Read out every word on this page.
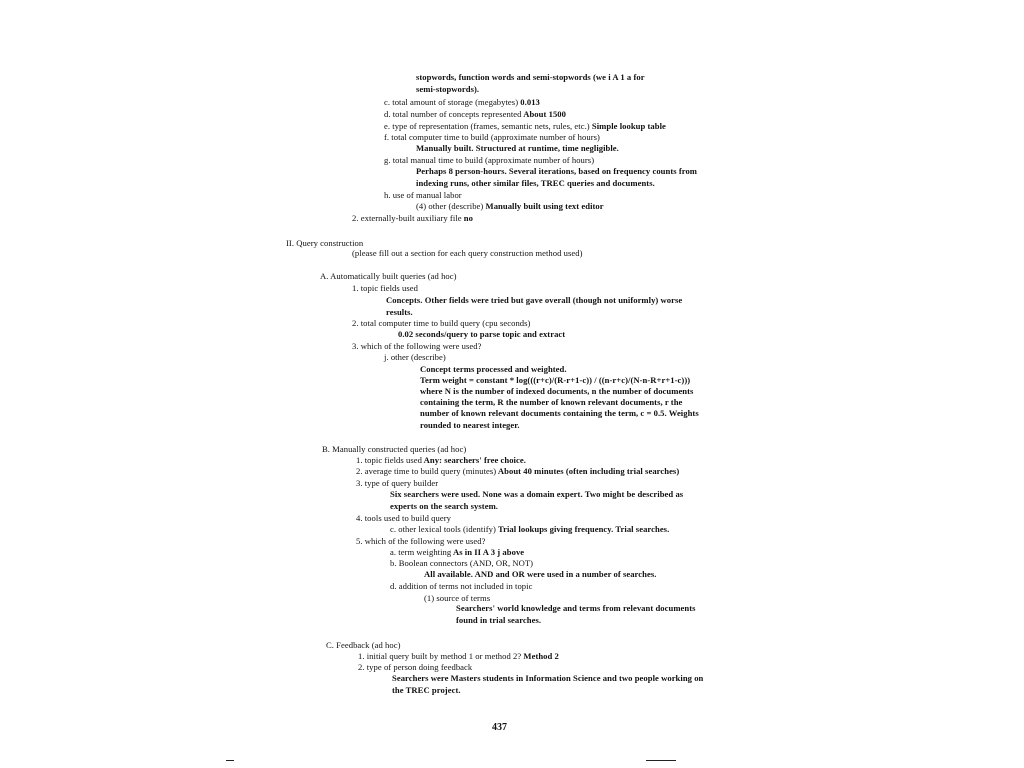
stopwords, function words and semi-stopwords (we i A 1 a for
semi-stopwords).
c. total amount of storage (megabytes) 0.013
d. total number of concepts represented About 1500
e. type of representation (frames, semantic nets, rules, etc.) Simple lookup table
f. total computer time to build (approximate number of hours)
Manually built. Structured at runtime, time negligible.
g. total manual time to build (approximate number of hours)
Perhaps 8 person-hours. Several iterations, based on frequency counts from
indexing runs, other similar files, TREC queries and documents.
h. use of manual labor
(4) other (describe) Manually built using text editor
2. externally-built auxiliary file no
II. Query construction
(please fill out a section for each query construction method used)
A. Automatically built queries (ad hoc)
1. topic fields used
Concepts. Other fields were tried but gave overall (though not uniformly) worse
results.
2. total computer time to build query (cpu seconds)
0.02 seconds/query to parse topic and extract
3. which of the following were used?
j. other (describe)
Concept terms processed and weighted.
Term weight = constant * log(((r+c)/(R-r+1-c)) / ((n-r+c)/(N-n-R+r+1-c)))
where N is the number of indexed documents, n the number of documents
containing the term, R the number of known relevant documents, r the
number of known relevant documents containing the term, c = 0.5. Weights
rounded to nearest integer.
B. Manually constructed queries (ad hoc)
1. topic fields used Any: searchers' free choice.
2. average time to build query (minutes) About 40 minutes (often including trial searches)
3. type of query builder
Six searchers were used. None was a domain expert. Two might be described as
experts on the search system.
4. tools used to build query
c. other lexical tools (identify) Trial lookups giving frequency. Trial searches.
5. which of the following were used?
a. term weighting As in II A 3 j above
b. Boolean connectors (AND, OR, NOT)
All available. AND and OR were used in a number of searches.
d. addition of terms not included in topic
(1) source of terms
Searchers' world knowledge and terms from relevant documents
found in trial searches.
C. Feedback (ad hoc)
1. initial query built by method 1 or method 2? Method 2
2. type of person doing feedback
Searchers were Masters students in Information Science and two people working on
the TREC project.
437
